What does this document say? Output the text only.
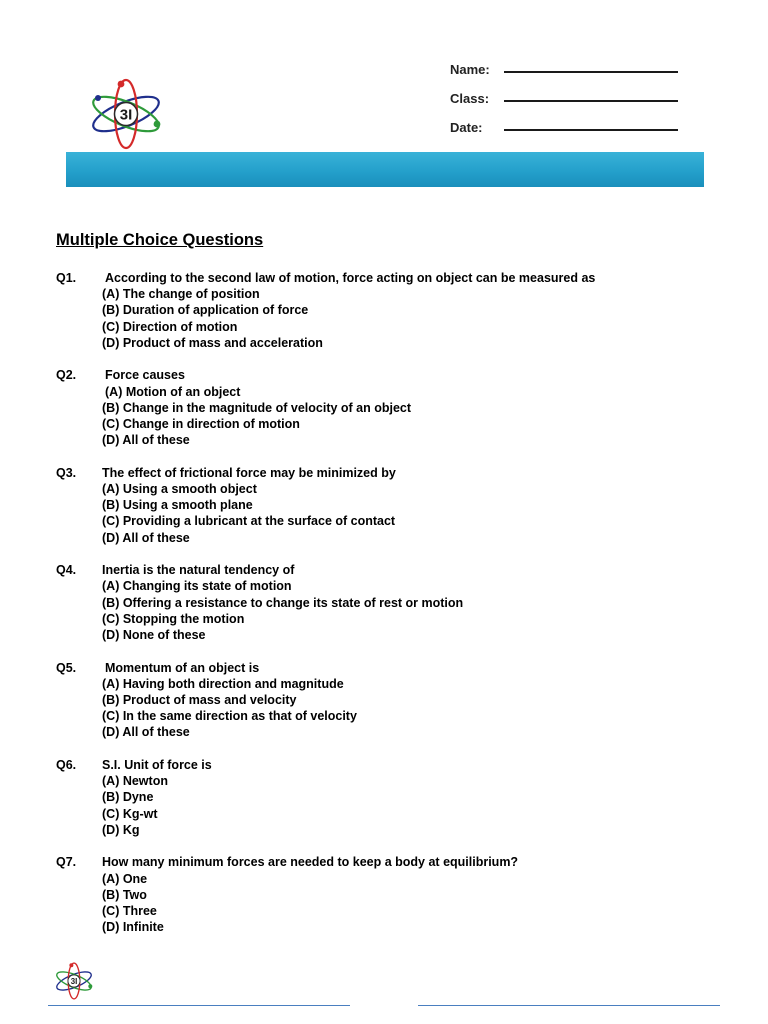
3I
Name:
Class:
Date:
Multiple Choice Questions
Q1.	According to the second law of motion, force acting on object can be measured as
(A) The change of position
(B) Duration of application of force
(C) Direction of motion
(D) Product of mass and acceleration
Q2.	Force causes
(A) Motion of an object
(B) Change in the magnitude of velocity of an object
(C) Change in direction of motion
(D) All of these
Q3.	The effect of frictional force may be minimized by
(A) Using a smooth object
(B) Using a smooth plane
(C) Providing a lubricant at the surface of contact
(D) All of these
Q4.	Inertia is the natural tendency of
(A) Changing its state of motion
(B) Offering a resistance to change its state of rest or motion
(C) Stopping the motion
(D) None of these
Q5.	Momentum of an object is
(A) Having both direction and magnitude
(B) Product of mass and velocity
(C) In the same direction as that of velocity
(D) All of these
Q6.	S.I. Unit of force is
(A) Newton
(B) Dyne
(C) Kg-wt
(D) Kg
Q7.	How many minimum forces are needed to keep a body at equilibrium?
(A) One
(B) Two
(C) Three
(D) Infinite
3I
